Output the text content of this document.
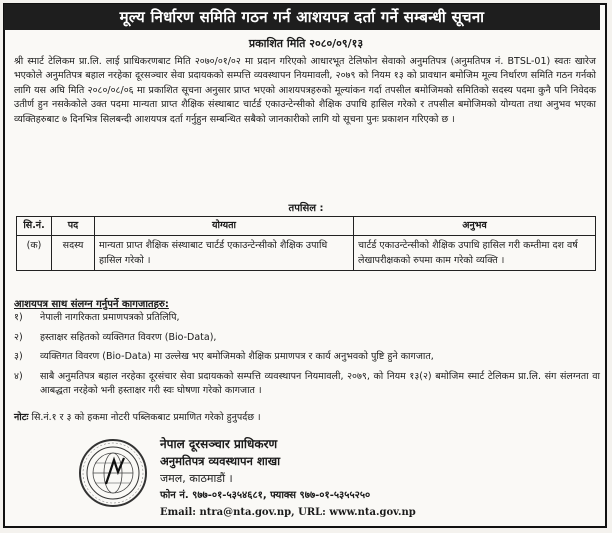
मूल्य निर्धारण समिति गठन गर्न आशयपत्र दर्ता गर्ने सम्बन्धी सूचना
प्रकाशित मिति २०८०/०९/१३
श्री स्मार्ट टेलिकम प्रा.लि. लाई प्राधिकरणबाट मिति २०७०/०१/०२ मा प्रदान गरिएको आधारभूत टेलिफोन सेवाको अनुमतिपत्र (अनुमतिपत्र नं. BTSL-01) स्वतः खारेज भएकोले अनुमतिपत्र बहाल नरहेका दूरसञ्चार सेवा प्रदायकको सम्पत्ति व्यवस्थापन नियमावली, २०७९ को नियम १३ को प्रावधान बमोजिम मूल्य निर्धारण समिति गठन गर्नको लागि यस अघि मिति २०८०/०८/०६ मा प्रकाशित सूचना अनुसार प्राप्त भएको आशयपत्रहरुको मूल्यांकन गर्दा तपसील बमोजिमको समितिको सदस्य पदमा कुनै पनि निवेदक उतीर्ण हुन नसकेकोले उक्त पदमा मान्यता प्राप्त शैक्षिक संस्थाबाट चार्टर्ड एकाउन्टेन्सीको शैक्षिक उपाधि हासिल गरेको र तपसील बमोजिमको योग्यता तथा अनुभव भएका व्यक्तिहरुबाट ७ दिनभित्र सिलबन्दी आशयपत्र दर्ता गर्नुहुन सम्बन्धित सबैको जानकारीको लागि यो सूचना पुनः प्रकाशन गरिएको छ ।
तपसिल :
सि.नं.	पद	योग्यता	अनुभव
(क)	सदस्य	मान्यता प्राप्त शैक्षिक संस्थाबाट चार्टर्ड एकाउन्टेन्सीको शैक्षिक उपाधि हासिल गरेको ।	चार्टर्ड एकाउन्टेन्सीको शैक्षिक उपाधि हासिल गरी कम्तीमा दश वर्ष लेखापरीक्षकको रुपमा काम गरेको व्यक्ति ।
आशयपत्र साथ संलग्न गर्नुपर्ने कागजातहरु:
१)	नेपाली नागरिकता प्रमाणपत्रको प्रतिलिपि,
२)	हस्ताक्षर सहितको व्यक्तिगत विवरण (Bio-Data),
३)	व्यक्तिगत विवरण (Bio-Data) मा उल्लेख भए बमोजिमको शैक्षिक प्रमाणपत्र र कार्य अनुभवको पुष्टि हुने कागजात,
४)	साबै अनुमतिपत्र बहाल नरहेका दूरसंचार सेवा प्रदायकको सम्पत्ति व्यवस्थापन नियमावली, २०७९, को नियम १३(२) बमोजिम स्मार्ट टेलिकम प्रा.लि. संग संलग्नता वा आबद्धता नरहेको भनी हस्ताक्षर गरी स्वः घोषणा गरेको कागजात ।
नोटः सि.नं.१ र ३ को हकमा नोटरी पब्लिकबाट प्रमाणित गरेको हुनुपर्दछ ।
नेपाल दूरसञ्चार प्राधिकरण
अनुमतिपत्र व्यवस्थापन शाखा
जमल, काठमाडौं ।
फोन नं. ९७७-०१-५३५४६८१, फ्याक्स ९७७-०१-५३५५२५०
Email: ntra@nta.gov.np, URL: www.nta.gov.np
